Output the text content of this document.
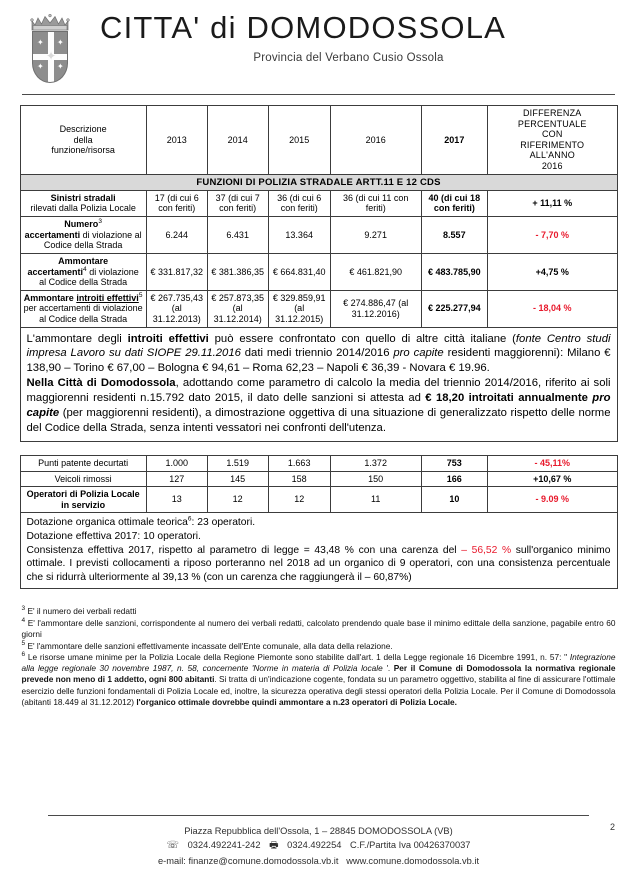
✦ ✦
✦ ✦
✦
CITTA' di DOMODOSSOLA
Provincia del Verbano Cusio Ossola
Descrizione
della
funzione/risorsa	2013	2014	2015	2016	2017	DIFFERENZA
PERCENTUALE
CON
RIFERIMENTO
ALL'ANNO
2016
FUNZIONI DI POLIZIA STRADALE ARTT.11 E 12 CDS						
Sinistri stradali
rilevati dalla Polizia Locale	17 (di cui 6 con feriti)	37 (di cui 7 con feriti)	36 (di cui 6 con feriti)	36 (di cui 11 con feriti)	40 (di cui 18 con feriti)	+ 11,11 %
Numero$^3$
accertamenti di violazione al Codice della Strada	6.244	6.431	13.364	9.271	8.557	- 7,70 %
Ammontare
accertamenti$^4$ di violazione al Codice della Strada	€ 331.817,32	€ 381.386,35	€ 664.831,40	€ 461.821,90	€ 483.785,90	+4,75 %
Ammontare introiti effettivi$^5$ per accertamenti di violazione al Codice della Strada	€ 267.735,43 (al 31.12.2013)	€ 257.873,35 (al 31.12.2014)	€ 329.859,91 (al 31.12.2015)	€ 274.886,47 (al 31.12.2016)	€ 225.277,94	- 18,04 %

L'ammontare degli introiti effettivi può essere confrontato con quello di altre città italiane (fonte Centro studi impresa Lavoro su dati SIOPE 29.11.2016 dati medi triennio 2014/2016 pro capite residenti maggiorenni): Milano € 138,90 – Torino € 67,00 – Bologna € 94,61 – Roma 62,23 – Napoli € 36,39 - Novara € 19.96.

Nella Città di Domodossola, adottando come parametro di calcolo la media del triennio 2014/2016, riferito ai soli maggiorenni residenti n.15.792 dato 2015, il dato delle sanzioni si attesta ad € 18,20 introitati annualmente pro capite (per maggiorenni residenti), a dimostrazione oggettiva di una situazione di generalizzato rispetto delle norme del Codice della Strada, senza intenti vessatori nei confronti dell'utenza.

Punti patente decurtati	1.000	1.519	1.663	1.372	753	- 45,11%
Veicoli rimossi	127	145	158	150	166	+10,67 %
Operatori di Polizia Locale in servizio	13	12	12	11	10	- 9.09 %

Dotazione organica ottimale teorica$^6$: 23 operatori.

Dotazione effettiva 2017: 10 operatori.

Consistenza effettiva 2017, rispetto al parametro di legge = 43,48 % con una carenza del – 56,52 % sull'organico minimo ottimale. I previsti collocamenti a riposo porteranno nel 2018 ad un organico di 9 operatori, con una consistenza percentuale che si ridurrà ulteriormente al 39,13 % (con un carenza che raggiungerà il – 60,87%)

$^3$ E' il numero dei verbali redatti

$^4$ E' l'ammontare delle sanzioni, corrispondente al numero dei verbali redatti, calcolato prendendo quale base il minimo edittale della sanzione, pagabile entro 60 giorni

$^5$ E' l'ammontare delle sanzioni effettivamente incassate dell'Ente comunale, alla data della relazione.

$^6$ Le risorse umane minime per la Polizia Locale della Regione Piemonte sono stabilite dall'art. 1 della Legge regionale 16 Dicembre 1991, n. 57: " Integrazione alla legge regionale 30 novembre 1987, n. 58, concernente 'Norme in materia di Polizia locale '. Per il Comune di Domodossola la normativa regionale prevede non meno di 1 addetto, ogni 800 abitanti. Si tratta di un'indicazione cogente, fondata su un parametro oggettivo, stabilita al fine di assicurare l'ottimale esercizio delle funzioni fondamentali di Polizia Locale ed, inoltre, la sicurezza operativa degli stessi operatori della Polizia Locale. Per il Comune di Domodossola (abitanti 18.449 al 31.12.2012) l'organico ottimale dovrebbe quindi ammontare a n.23 operatori di Polizia Locale.

2
Piazza Repubblica dell'Ossola, 1 – 28845 DOMODOSSOLA (VB)
☏ 0324.492241-242 🖶 0324.492254 C.F./Partita Iva 00426370037
e-mail: finanze@comune.domodossola.vb.it www.comune.domodossola.vb.it
